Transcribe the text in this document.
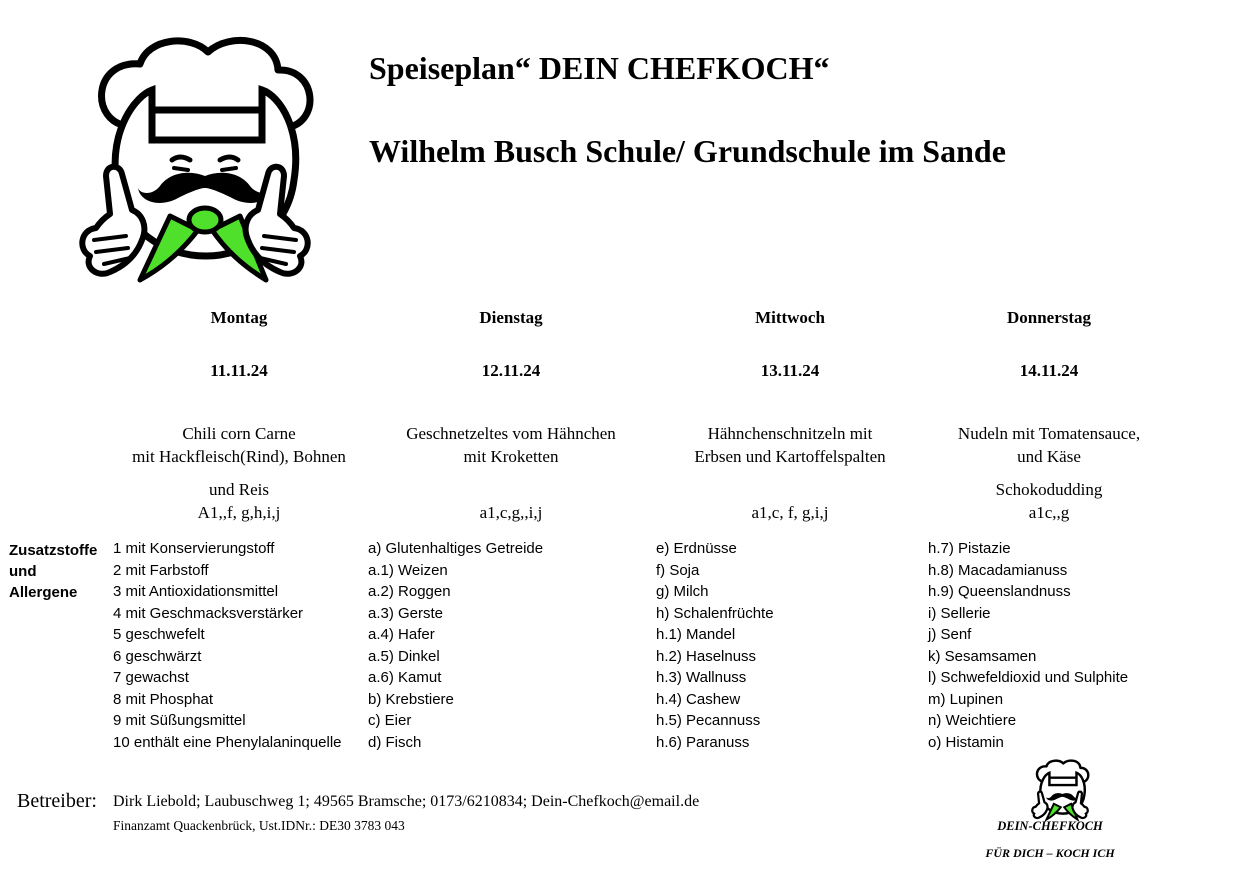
Speiseplan“ DEIN CHEFKOCH“
Wilhelm Busch Schule/ Grundschule im Sande
Montag
11.11.24
Chili corn Carne
mit Hackfleisch(Rind), Bohnen
und Reis
A1,,f, g,h,i,j
Dienstag
12.11.24
Geschnetzeltes vom Hähnchen
mit Kroketten
a1,c,g,,i,j
Mittwoch
13.11.24
Hähnchenschnitzeln mit
Erbsen und Kartoffelspalten
a1,c, f, g,i,j
Donnerstag
14.11.24
Nudeln mit Tomatensauce,
und Käse
Schokodudding
a1c,,g
Zusatzstoffe
und
Allergene
1 mit Konservierungstoff
2 mit Farbstoff
3 mit Antioxidationsmittel
4 mit Geschmacksverstärker
5 geschwefelt
6 geschwärzt
7 gewachst
8 mit Phosphat
9 mit Süßungsmittel
10 enthält eine Phenylalaninquelle
a) Glutenhaltiges Getreide
a.1) Weizen
a.2) Roggen
a.3) Gerste
a.4) Hafer
a.5) Dinkel
a.6) Kamut
b) Krebstiere
c) Eier
d) Fisch
e) Erdnüsse
f) Soja
g) Milch
h) Schalenfrüchte
h.1) Mandel
h.2) Haselnuss
h.3) Wallnuss
h.4) Cashew
h.5) Pecannuss
h.6) Paranuss
h.7) Pistazie
h.8) Macadamianuss
h.9) Queenslandnuss
i) Sellerie
j) Senf
k) Sesamsamen
l) Schwefeldioxid und Sulphite
m) Lupinen
n) Weichtiere
o) Histamin
Betreiber: Dirk Liebold; Laubuschweg 1; 49565 Bramsche; 0173/6210834; Dein-Chefkoch@email.de
Finanzamt Quackenbrück, Ust.IDNr.: DE30 3783 043	DEIN-CHEFKOCH
FÜR DICH – KOCH ICH
